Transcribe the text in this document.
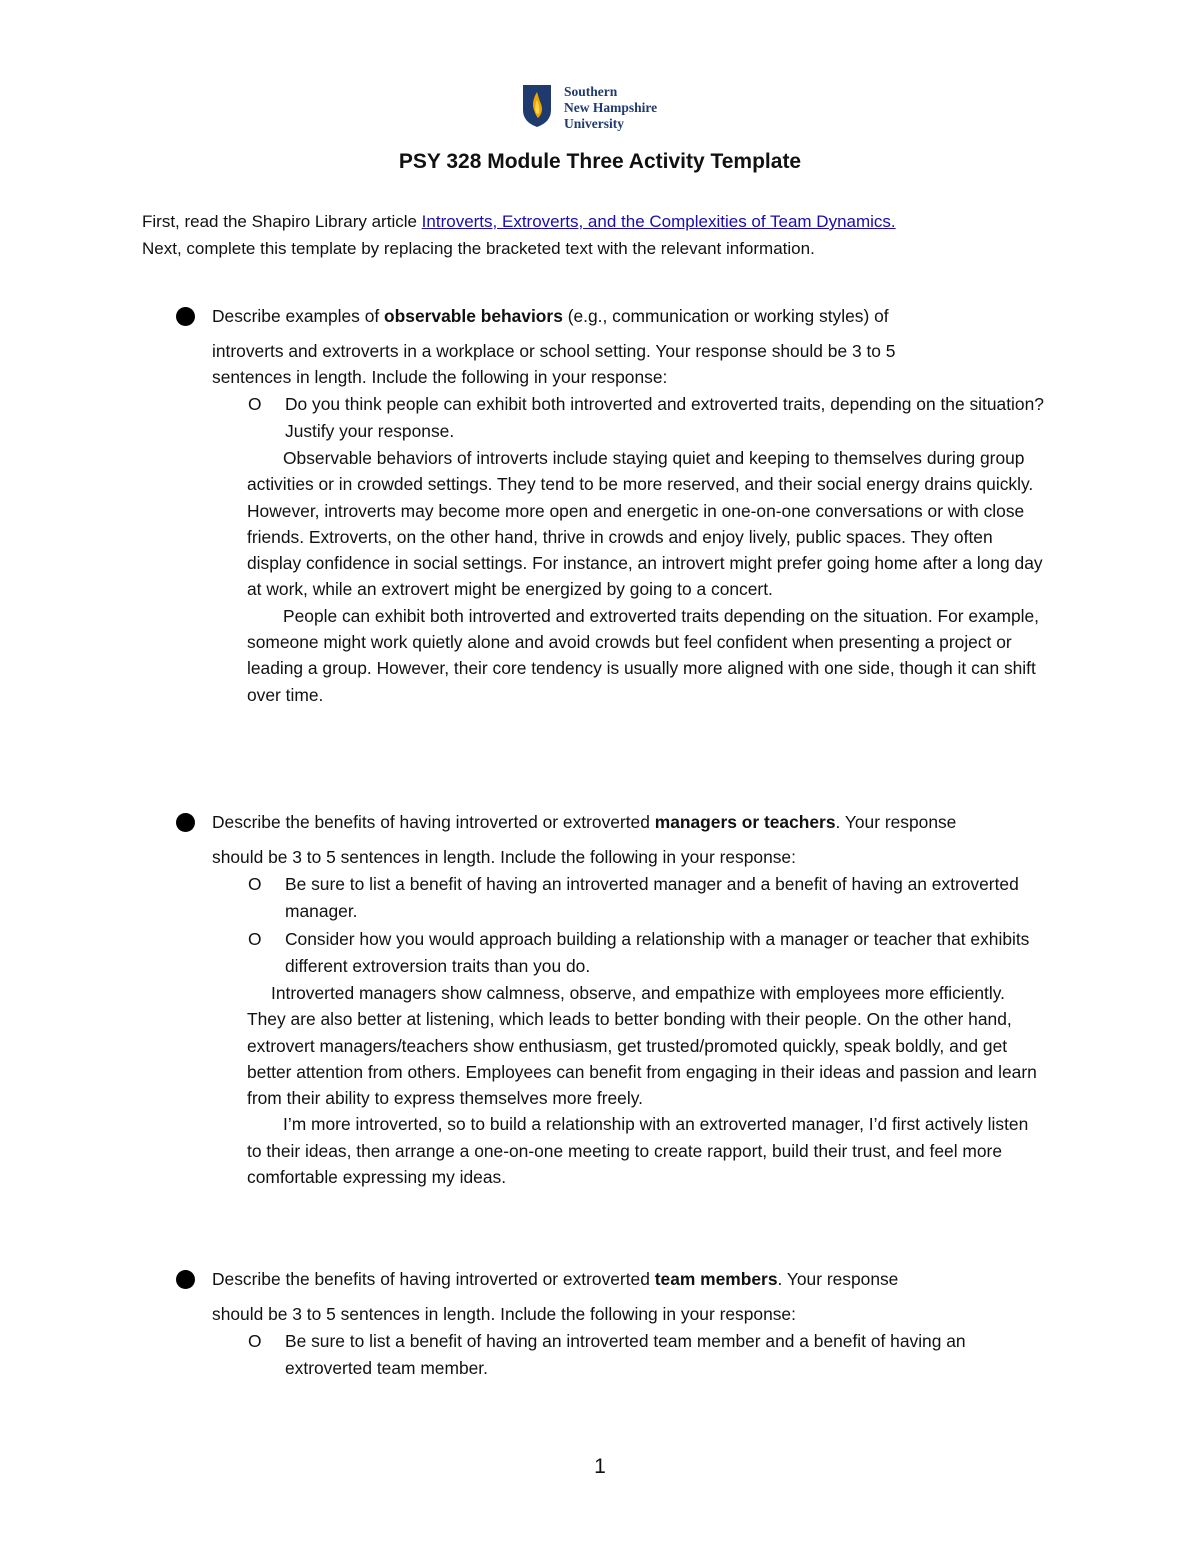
Southern
New Hampshire
University
PSY 328 Module Three Activity Template
First, read the Shapiro Library article Introverts, Extroverts, and the Complexities of Team Dynamics.
Next, complete this template by replacing the bracketed text with the relevant information.
Describe examples of observable behaviors (e.g., communication or working styles) of
introverts and extroverts in a workplace or school setting. Your response should be 3 to 5
sentences in length. Include the following in your response:
O	Do you think people can exhibit both introverted and extroverted traits, depending on the situation? Justify your response.

Observable behaviors of introverts include staying quiet and keeping to themselves during group activities or in crowded settings. They tend to be more reserved, and their social energy drains quickly. However, introverts may become more open and energetic in one-on-one conversations or with close friends. Extroverts, on the other hand, thrive in crowds and enjoy lively, public spaces. They often display confidence in social settings. For instance, an introvert might prefer going home after a long day at work, while an extrovert might be energized by going to a concert.

People can exhibit both introverted and extroverted traits depending on the situation. For example, someone might work quietly alone and avoid crowds but feel confident when presenting a project or leading a group. However, their core tendency is usually more aligned with one side, though it can shift over time.

Describe the benefits of having introverted or extroverted managers or teachers. Your response
should be 3 to 5 sentences in length. Include the following in your response:
O	Be sure to list a benefit of having an introverted manager and a benefit of having an extroverted manager.
O	Consider how you would approach building a relationship with a manager or teacher that exhibits different extroversion traits than you do.

Introverted managers show calmness, observe, and empathize with employees more efficiently. They are also better at listening, which leads to better bonding with their people. On the other hand, extrovert managers/teachers show enthusiasm, get trusted/promoted quickly, speak boldly, and get better attention from others. Employees can benefit from engaging in their ideas and passion and learn from their ability to express themselves more freely.

I’m more introverted, so to build a relationship with an extroverted manager, I’d first actively listen to their ideas, then arrange a one-on-one meeting to create rapport, build their trust, and feel more comfortable expressing my ideas.

Describe the benefits of having introverted or extroverted team members. Your response
should be 3 to 5 sentences in length. Include the following in your response:
O	Be sure to list a benefit of having an introverted team member and a benefit of having an extroverted team member.
1
